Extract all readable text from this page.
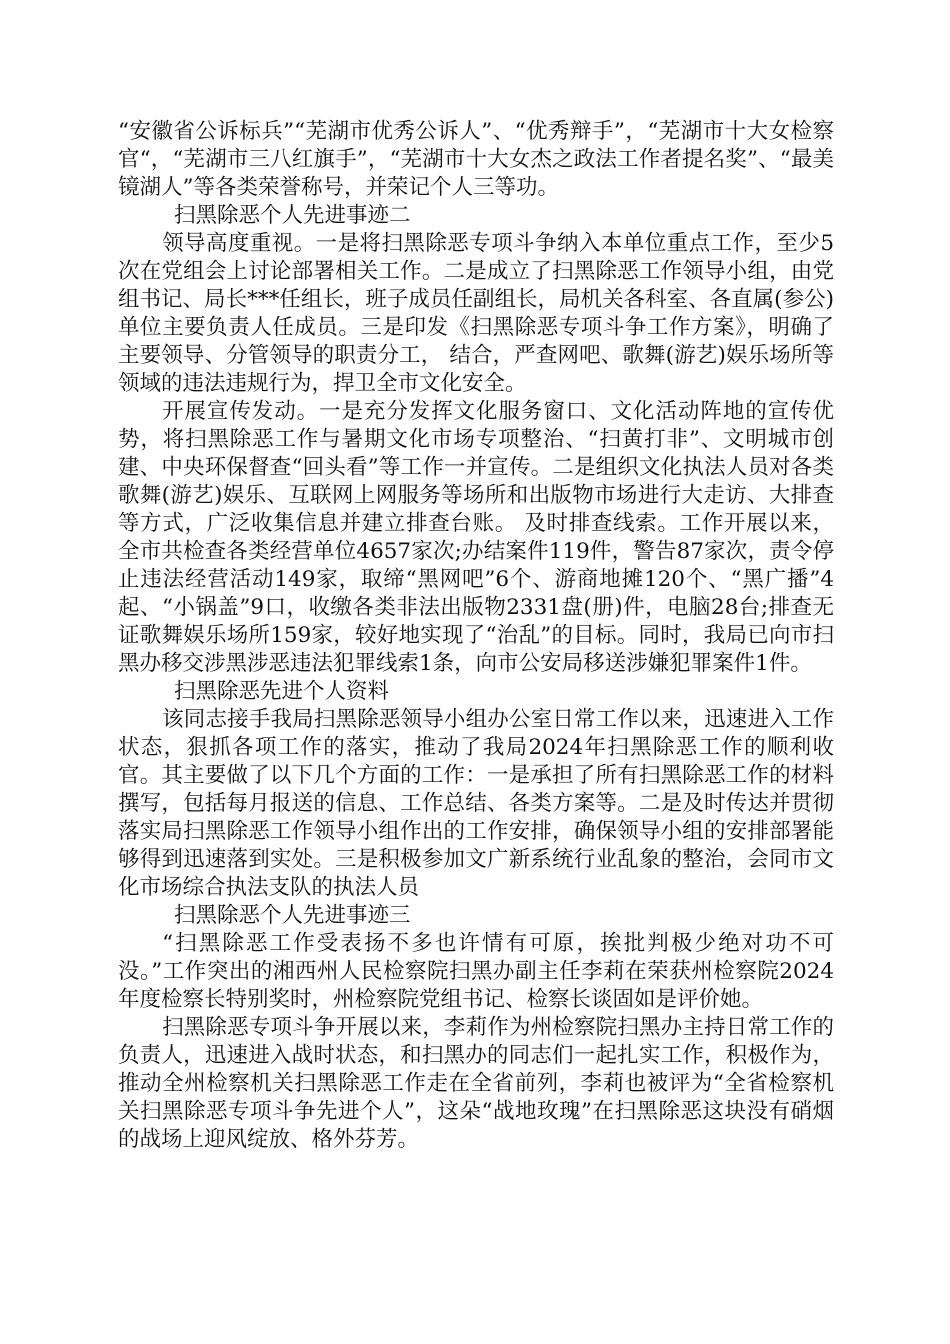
“安徽省公诉标兵”“芜湖市优秀公诉人”、“优秀辩手”，“芜湖市十大女检察官“，“芜湖市三八红旗手”，“芜湖市十大女杰之政法工作者提名奖”、“最美镜湖人”等各类荣誉称号，并荣记个人三等功。

扫黑除恶个人先进事迹二

领导高度重视。一是将扫黑除恶专项斗争纳入本单位重点工作，至少5次在党组会上讨论部署相关工作。二是成立了扫黑除恶工作领导小组，由党组书记、局长***任组长，班子成员任副组长，局机关各科室、各直属(参公)单位主要负责人任成员。三是印发《扫黑除恶专项斗争工作方案》，明确了主要领导、分管领导的职责分工， 结合，严查网吧、歌舞(游艺)娱乐场所等领域的违法违规行为，捍卫全市文化安全。

开展宣传发动。一是充分发挥文化服务窗口、文化活动阵地的宣传优势，将扫黑除恶工作与暑期文化市场专项整治、“扫黄打非”、文明城市创建、中央环保督查“回头看”等工作一并宣传。二是组织文化执法人员对各类歌舞(游艺)娱乐、互联网上网服务等场所和出版物市场进行大走访、大排查等方式，广泛收集信息并建立排查台账。 及时排查线索。工作开展以来，全市共检查各类经营单位4657家次;办结案件119件，警告87家次，责令停止违法经营活动149家，取缔“黑网吧”6个、游商地摊120个、“黑广播”4起、“小锅盖”9口，收缴各类非法出版物2331盘(册)件，电脑28台;排查无证歌舞娱乐场所159家，较好地实现了“治乱”的目标。同时，我局已向市扫黑办移交涉黑涉恶违法犯罪线索1条，向市公安局移送涉嫌犯罪案件1件。

扫黑除恶先进个人资料

该同志接手我局扫黑除恶领导小组办公室日常工作以来，迅速进入工作状态，狠抓各项工作的落实，推动了我局2024年扫黑除恶工作的顺利收官。其主要做了以下几个方面的工作：一是承担了所有扫黑除恶工作的材料撰写，包括每月报送的信息、工作总结、各类方案等。二是及时传达并贯彻落实局扫黑除恶工作领导小组作出的工作安排，确保领导小组的安排部署能够得到迅速落到实处。三是积极参加文广新系统行业乱象的整治，会同市文化市场综合执法支队的执法人员

扫黑除恶个人先进事迹三

“扫黑除恶工作受表扬不多也许情有可原，挨批判极少绝对功不可没。”工作突出的湘西州人民检察院扫黑办副主任李莉在荣获州检察院2024年度检察长特别奖时，州检察院党组书记、检察长谈固如是评价她。

扫黑除恶专项斗争开展以来，李莉作为州检察院扫黑办主持日常工作的负责人，迅速进入战时状态，和扫黑办的同志们一起扎实工作，积极作为，推动全州检察机关扫黑除恶工作走在全省前列，李莉也被评为“全省检察机关扫黑除恶专项斗争先进个人”，这朵“战地玫瑰”在扫黑除恶这块没有硝烟的战场上迎风绽放、格外芬芳。
